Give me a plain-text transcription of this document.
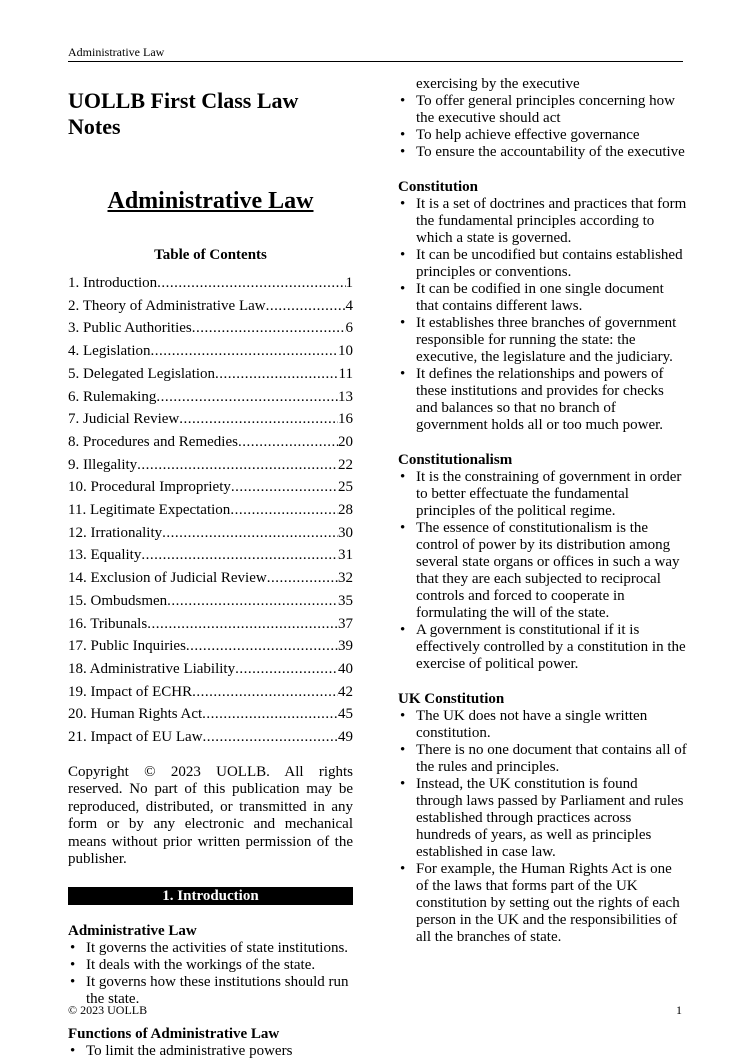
Administrative Law
UOLLB First Class Law Notes
Administrative Law
Table of Contents
1. Introduction .....	1
2. Theory of Administrative Law .....	4
3. Public Authorities .....	6
4. Legislation .....	10
5. Delegated Legislation .....	11
6. Rulemaking .....	13
7. Judicial Review .....	16
8. Procedures and Remedies .....	20
9. Illegality .....	22
10. Procedural Impropriety .....	25
11. Legitimate Expectation .....	28
12. Irrationality .....	30
13. Equality .....	31
14. Exclusion of Judicial Review .....	32
15. Ombudsmen .....	35
16. Tribunals .....	37
17. Public Inquiries .....	39
18. Administrative Liability .....	40
19. Impact of ECHR .....	42
20. Human Rights Act .....	45
21. Impact of EU Law .....	49
Copyright © 2023 UOLLB. All rights reserved. No part of this publication may be reproduced, distributed, or transmitted in any form or by any electronic and mechanical means without prior written permission of the publisher.
1. Introduction
Administrative Law
• It governs the activities of state institutions.
• It deals with the workings of the state.
• It governs how these institutions should run the state.
Functions of Administrative Law
• To limit the administrative powers
exercising by the executive
• To offer general principles concerning how the executive should act
• To help achieve effective governance
• To ensure the accountability of the executive
Constitution
• It is a set of doctrines and practices that form the fundamental principles according to which a state is governed.
• It can be uncodified but contains established principles or conventions.
• It can be codified in one single document that contains different laws.
• It establishes three branches of government responsible for running the state: the executive, the legislature and the judiciary.
• It defines the relationships and powers of these institutions and provides for checks and balances so that no branch of government holds all or too much power.
Constitutionalism
• It is the constraining of government in order to better effectuate the fundamental principles of the political regime.
• The essence of constitutionalism is the control of power by its distribution among several state organs or offices in such a way that they are each subjected to reciprocal controls and forced to cooperate in formulating the will of the state.
• A government is constitutional if it is effectively controlled by a constitution in the exercise of political power.
UK Constitution
• The UK does not have a single written constitution.
• There is no one document that contains all of the rules and principles.
• Instead, the UK constitution is found through laws passed by Parliament and rules established through practices across hundreds of years, as well as principles established in case law.
• For example, the Human Rights Act is one of the laws that forms part of the UK constitution by setting out the rights of each person in the UK and the responsibilities of all the branches of state.
© 2023 UOLLB	1
